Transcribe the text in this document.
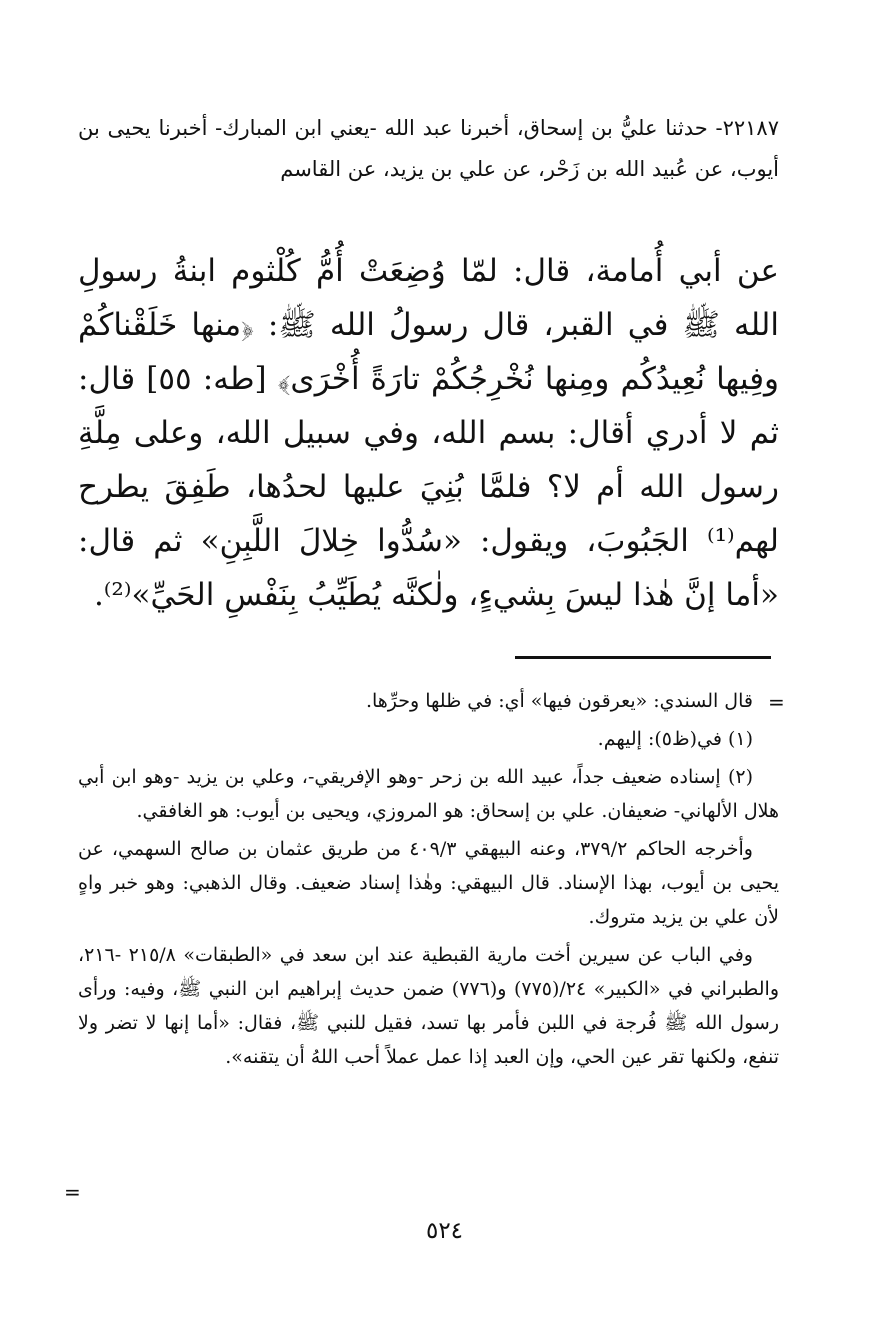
٢٢١٨٧- حدثنا عليُّ بن إسحاق، أخبرنا عبد الله -يعني ابن المبارك- أخبرنا يحيى بن أيوب، عن عُبيد الله بن زَحْر، عن علي بن يزيد، عن القاسم

عن أبي أُمامة، قال: لمّا وُضِعَتْ أُمُّ كُلْثوم ابنةُ رسولِ الله ﷺ في القبر، قال رسولُ الله ﷺ: ﴿منها خَلَقْناكُمْ وفِيها نُعِيدُكُم ومِنها نُخْرِجُكُمْ تارَةً أُخْرَى﴾ [طه: ٥٥] قال: ثم لا أدري أقال: بسم الله، وفي سبيل الله، وعلى مِلَّةِ رسول الله أم لا؟ فلمَّا بُنِيَ عليها لحدُها، طَفِقَ يطرح لهم⁽¹⁾ الجَبُوبَ، ويقول: «سُدُّوا خِلالَ اللَّبِنِ» ثم قال: «أما إنَّ هٰذا ليسَ بِشيءٍ، ولٰكنَّه يُطَيِّبُ بِنَفْسِ الحَيِّ»⁽²⁾.

=

قال السندي: «يعرقون فيها» أي: في ظلها وحرِّها.

(١) في(ظ٥): إليهم.

(٢) إسناده ضعيف جداً، عبيد الله بن زحر -وهو الإفريقي-، وعلي بن يزيد -وهو ابن أبي هلال الألهاني- ضعيفان. علي بن إسحاق: هو المروزي، ويحيى بن أيوب: هو الغافقي.

وأخرجه الحاكم ٣٧٩/٢، وعنه البيهقي ٤٠٩/٣ من طريق عثمان بن صالح السهمي، عن يحيى بن أيوب، بهذا الإسناد. قال البيهقي: وهٰذا إسناد ضعيف. وقال الذهبي: وهو خبر واهٍ لأن علي بن يزيد متروك.

وفي الباب عن سيرين أخت مارية القبطية عند ابن سعد في «الطبقات» ٢١٥/٨ -٢١٦، والطبراني في «الكبير» ٢٤/(٧٧٥) و(٧٧٦) ضمن حديث إبراهيم ابن النبي ﷺ، وفيه: ورأى رسول الله ﷺ فُرجة في اللبن فأمر بها تسد، فقيل للنبي ﷺ، فقال: «أما إنها لا تضر ولا تنفع، ولكنها تقر عين الحي، وإن العبد إذا عمل عملاً أحب اللهُ أن يتقنه».

=
٥٢٤
